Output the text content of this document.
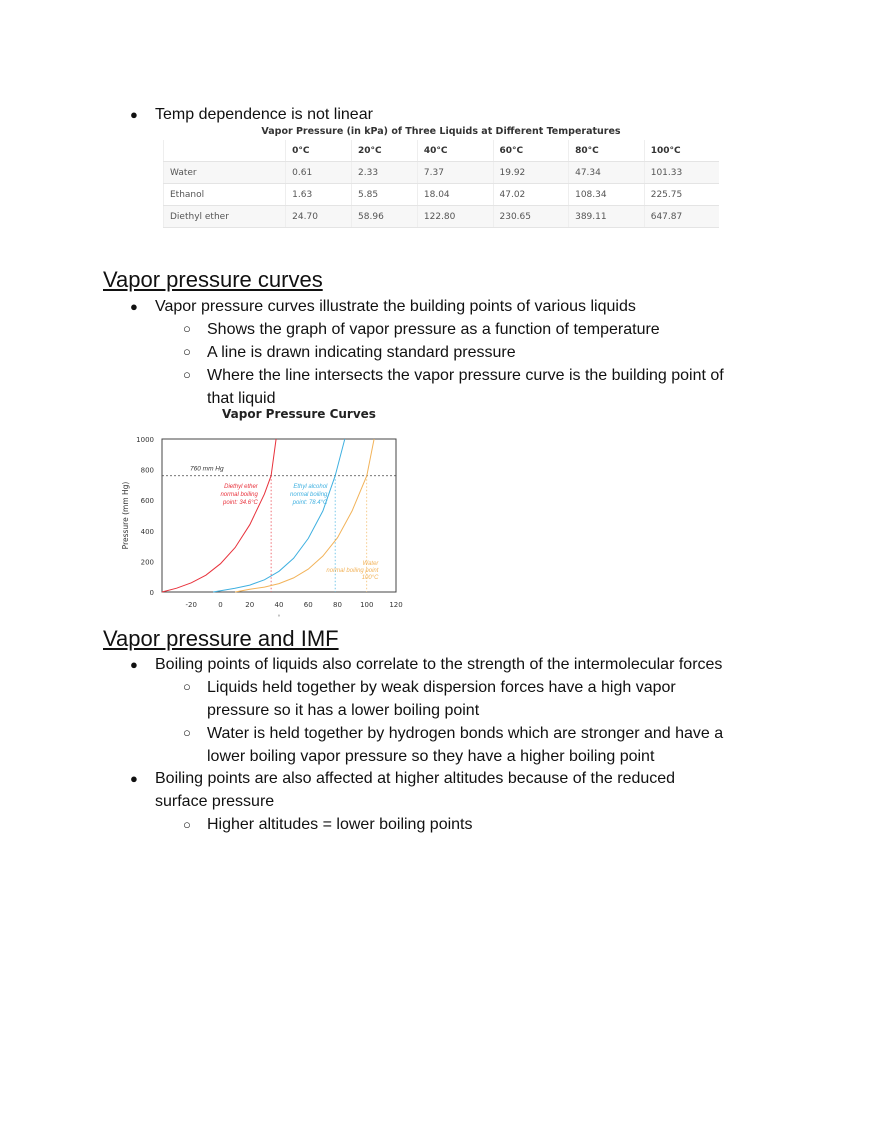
● Temp dependence is not linear
Vapor Pressure (in kPa) of Three Liquids at Different Temperatures
	0°C	20°C	40°C	60°C	80°C	100°C
Water	0.61	2.33	7.37	19.92	47.34	101.33
Ethanol	1.63	5.85	18.04	47.02	108.34	225.75
Diethyl ether	24.70	58.96	122.80	230.65	389.11	647.87
Vapor pressure curves
● Vapor pressure curves illustrate the building points of various liquids
○ Shows the graph of vapor pressure as a function of temperature
○ A line is drawn indicating standard pressure
○ Where the line intersects the vapor pressure curve is the building point of
that liquid
Vapor Pressure Curves
0
200
400
600
800
1000
-20	0	20	40	60	80	100 120
°
Pressure (mm Hg)
760 mm Hg
Diethyl ether
normal boiling
point: 34.6°C
Ethyl alcohol
normal boiling
point: 78.4°C
Water
normal boiling point
100°C
Vapor pressure and IMF
● Boiling points of liquids also correlate to the strength of the intermolecular forces
○ Liquids held together by weak dispersion forces have a high vapor
pressure so it has a lower boiling point
○ Water is held together by hydrogen bonds which are stronger and have a
lower boiling vapor pressure so they have a higher boiling point
● Boiling points are also affected at higher altitudes because of the reduced
surface pressure
○ Higher altitudes = lower boiling points
